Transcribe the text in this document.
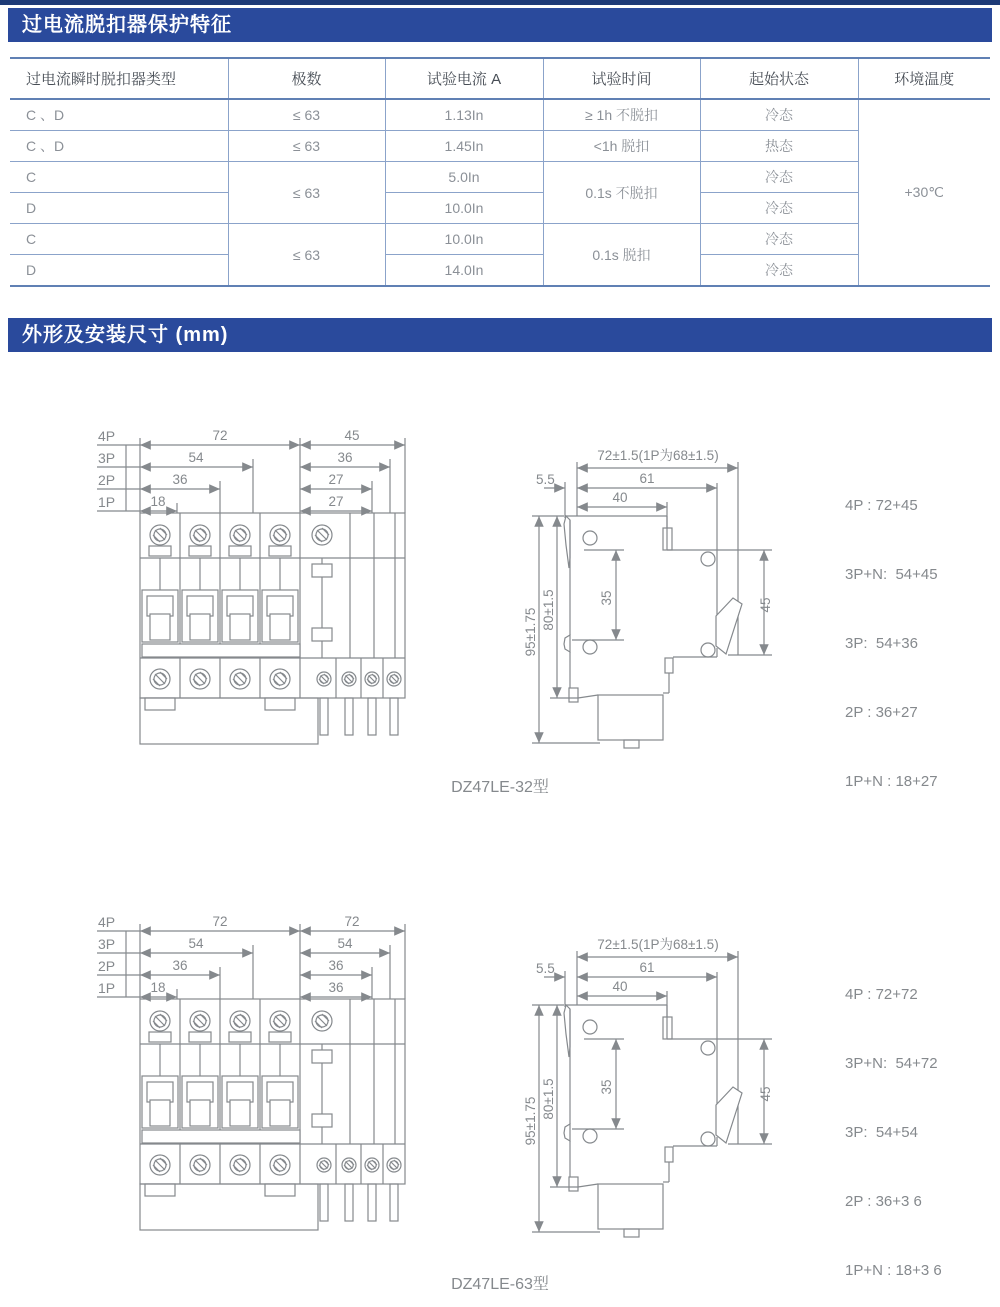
过电流脱扣器保护特征
过电流瞬时脱扣器类型	极数	试验电流 A	试验时间	起始状态	环境温度
C 、D	≤ 63	1.13In	≥ 1h 不脱扣	冷态	+30℃
C 、D	≤ 63	1.45In	<1h 脱扣	热态	
C	≤ 63	5.0In	0.1s 不脱扣	冷态	
D		10.0In		冷态	
C	≤ 63	10.0In	0.1s 脱扣	冷态	
D		14.0In		冷态	
外形及安装尺寸 (mm)
4P
3P
2P
1P
72
54
36
18
45
36
27
27
72±1.5(1P为68±1.5)
5.5	61
40
95±1.75 80±1.5	35	45

4P : 72+45

3P+N:  54+45

3P:  54+36

2P : 36+27

1P+N : 18+27

DZ47LE-32型
4P
3P
2P
1P
72
54
36
18
72
54
36
36
72±1.5(1P为68±1.5)
5.5	61
40
95±1.75 80±1.5	35	45

4P : 72+72

3P+N:  54+72

3P:  54+54

2P : 36+3 6

1P+N : 18+3 6

DZ47LE-63型
